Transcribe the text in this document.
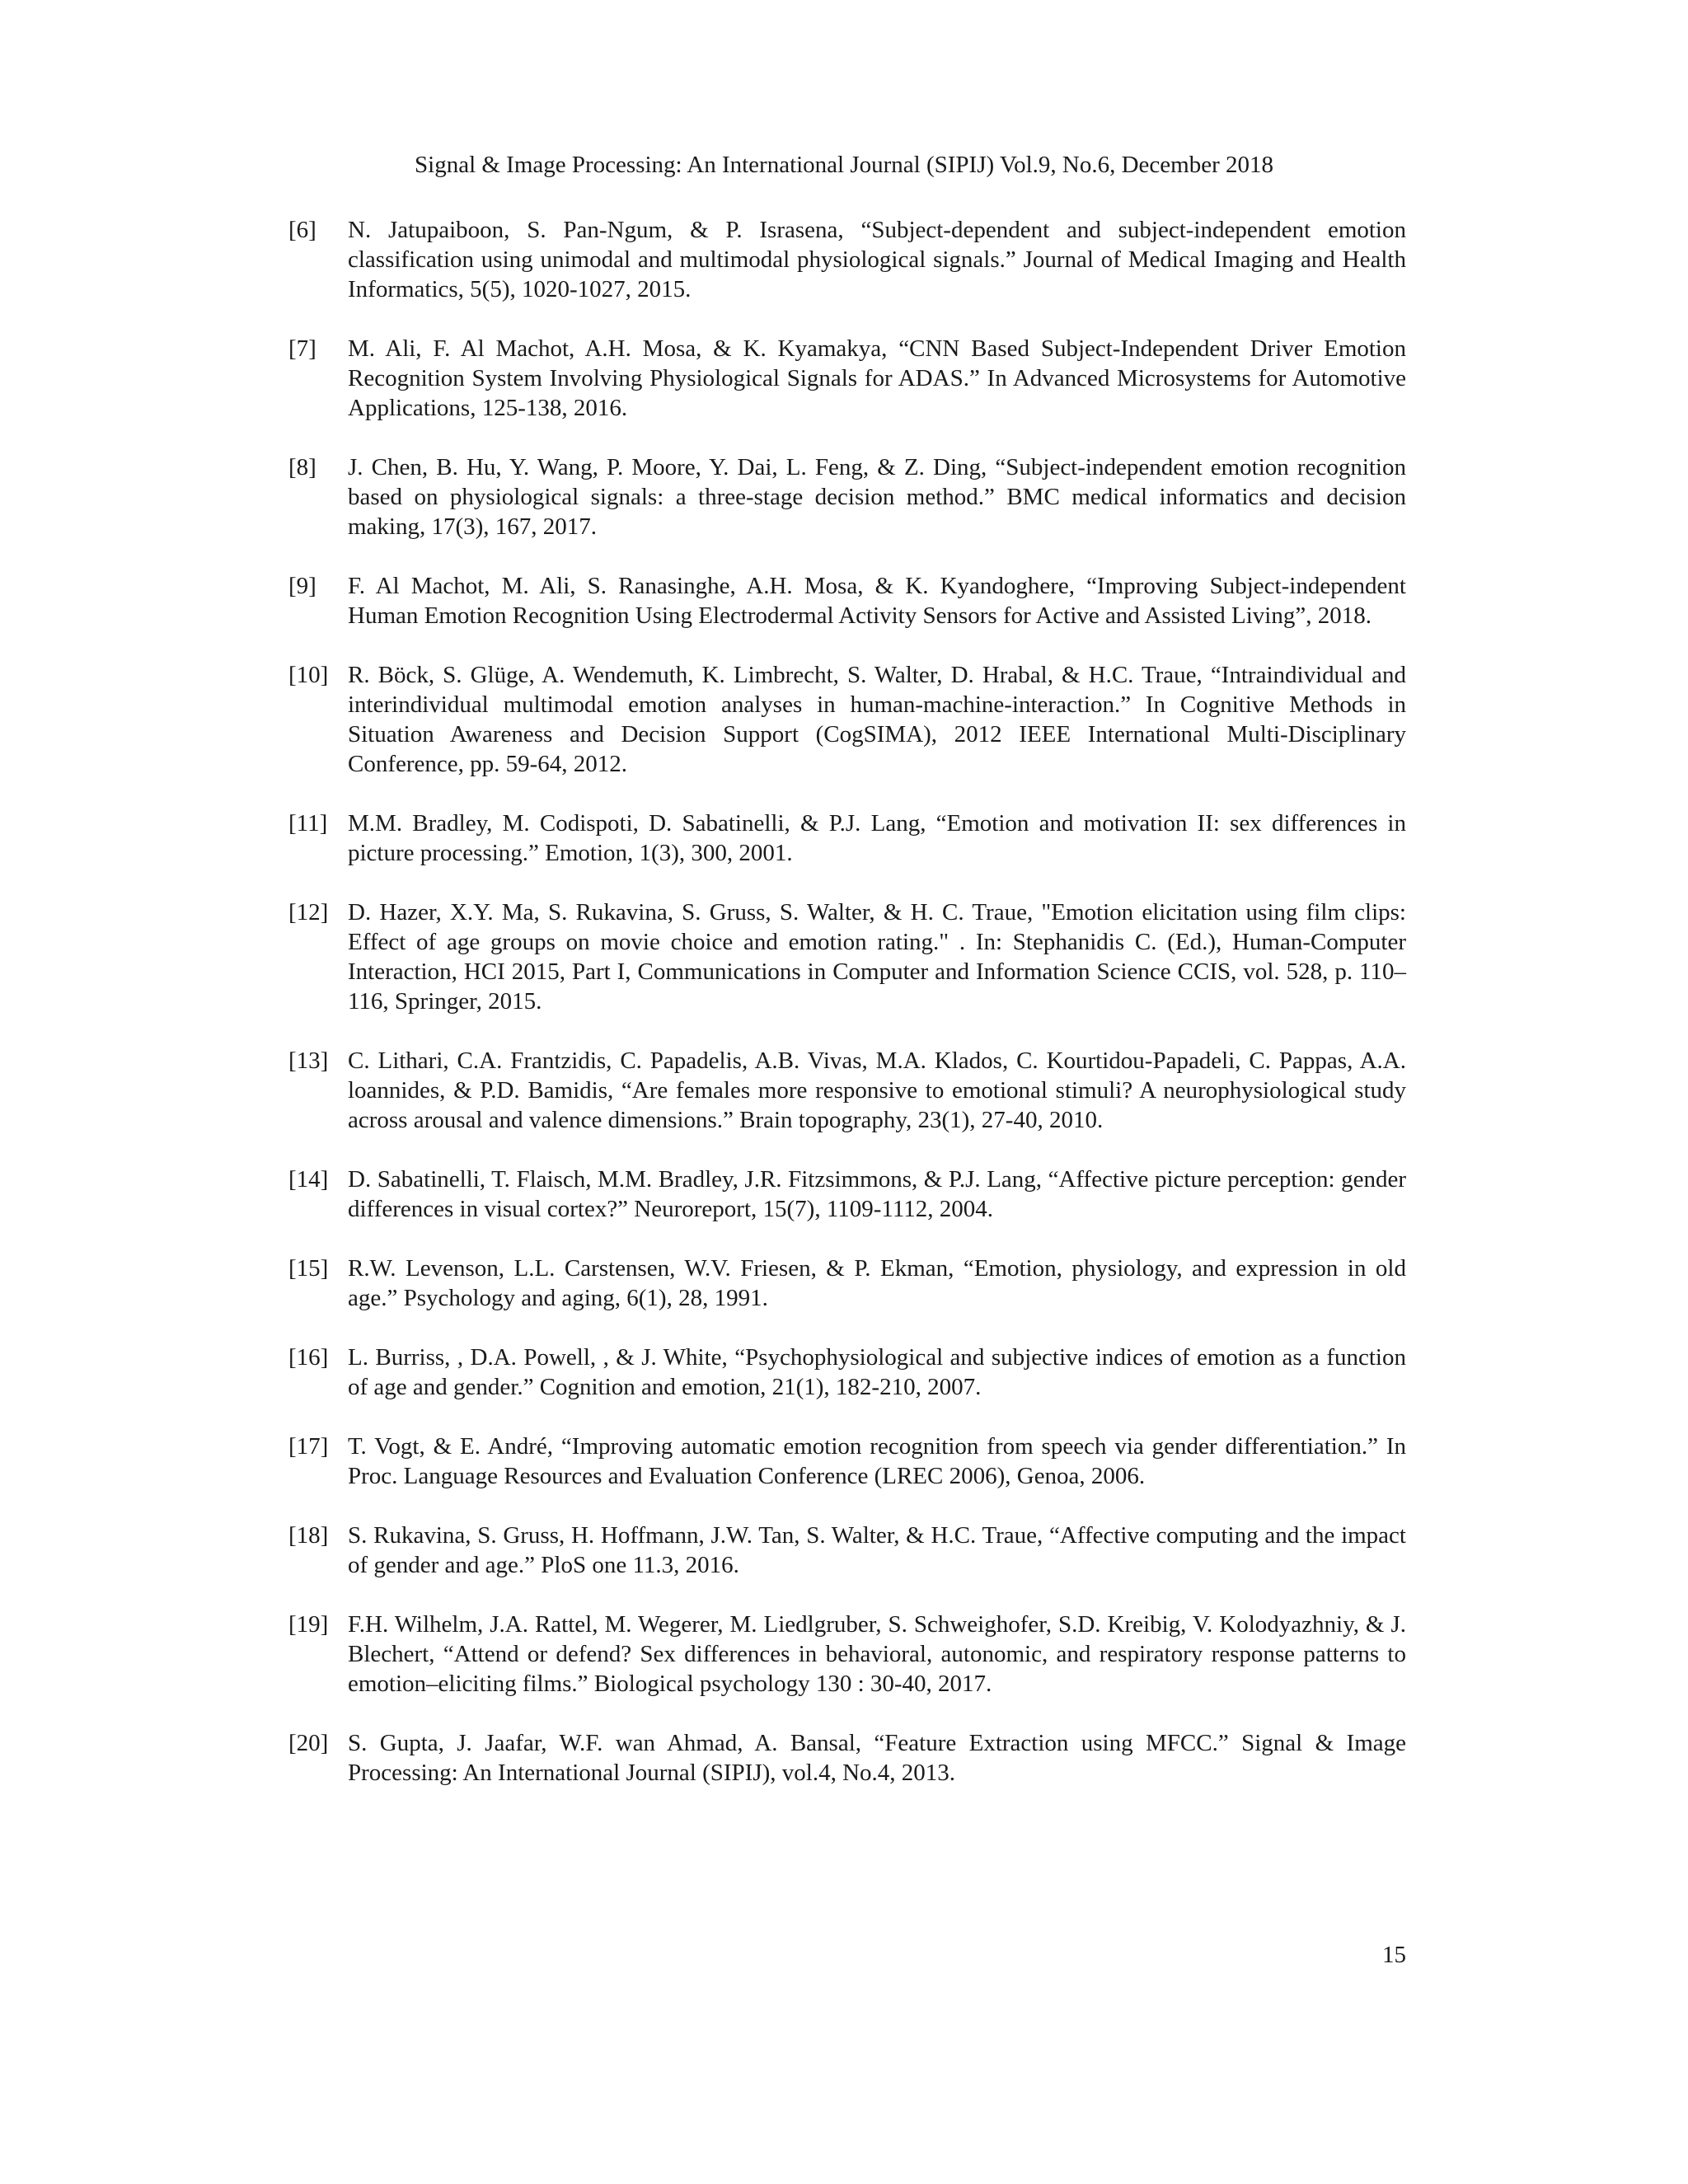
Signal & Image Processing: An International Journal (SIPIJ) Vol.9, No.6, December 2018
[6] N. Jatupaiboon, S. Pan-Ngum, & P. Israsena, “Subject-dependent and subject-independent emotion classification using unimodal and multimodal physiological signals.” Journal of Medical Imaging and Health Informatics, 5(5), 1020-1027, 2015.
[7] M. Ali, F. Al Machot, A.H. Mosa, & K. Kyamakya, “CNN Based Subject-Independent Driver Emotion Recognition System Involving Physiological Signals for ADAS.” In Advanced Microsystems for Automotive Applications, 125-138, 2016.
[8] J. Chen, B. Hu, Y. Wang, P. Moore, Y. Dai, L. Feng, & Z. Ding, “Subject-independent emotion recognition based on physiological signals: a three-stage decision method.” BMC medical informatics and decision making, 17(3), 167, 2017.
[9] F. Al Machot, M. Ali, S. Ranasinghe, A.H. Mosa, & K. Kyandoghere, “Improving Subject-independent Human Emotion Recognition Using Electrodermal Activity Sensors for Active and Assisted Living”, 2018.
[10] R. Böck, S. Glüge, A. Wendemuth, K. Limbrecht, S. Walter, D. Hrabal, & H.C. Traue, “Intraindividual and interindividual multimodal emotion analyses in human-machine-interaction.” In Cognitive Methods in Situation Awareness and Decision Support (CogSIMA), 2012 IEEE International Multi-Disciplinary Conference, pp. 59-64, 2012.
[11] M.M. Bradley, M. Codispoti, D. Sabatinelli, & P.J. Lang, “Emotion and motivation II: sex differences in picture processing.” Emotion, 1(3), 300, 2001.
[12] D. Hazer, X.Y. Ma, S. Rukavina, S. Gruss, S. Walter, & H. C. Traue, "Emotion elicitation using film clips: Effect of age groups on movie choice and emotion rating." . In: Stephanidis C. (Ed.), Human-Computer Interaction, HCI 2015, Part I, Communications in Computer and Information Science CCIS, vol. 528, p. 110–116, Springer, 2015.
[13] C. Lithari, C.A. Frantzidis, C. Papadelis, A.B. Vivas, M.A. Klados, C. Kourtidou-Papadeli, C. Pappas, A.A. loannides, & P.D. Bamidis, “Are females more responsive to emotional stimuli? A neurophysiological study across arousal and valence dimensions.” Brain topography, 23(1), 27-40, 2010.
[14] D. Sabatinelli, T. Flaisch, M.M. Bradley, J.R. Fitzsimmons, & P.J. Lang, “Affective picture perception: gender differences in visual cortex?” Neuroreport, 15(7), 1109-1112, 2004.
[15] R.W. Levenson, L.L. Carstensen, W.V. Friesen, & P. Ekman, “Emotion, physiology, and expression in old age.” Psychology and aging, 6(1), 28, 1991.
[16] L. Burriss, , D.A. Powell, , & J. White, “Psychophysiological and subjective indices of emotion as a function of age and gender.” Cognition and emotion, 21(1), 182-210, 2007.
[17] T. Vogt, & E. André, “Improving automatic emotion recognition from speech via gender differentiation.” In Proc. Language Resources and Evaluation Conference (LREC 2006), Genoa, 2006.
[18] S. Rukavina, S. Gruss, H. Hoffmann, J.W. Tan, S. Walter, & H.C. Traue, “Affective computing and the impact of gender and age.” PloS one 11.3, 2016.
[19] F.H. Wilhelm, J.A. Rattel, M. Wegerer, M. Liedlgruber, S. Schweighofer, S.D. Kreibig, V. Kolodyazhniy, & J. Blechert, “Attend or defend? Sex differences in behavioral, autonomic, and respiratory response patterns to emotion–eliciting films.” Biological psychology 130 : 30-40, 2017.
[20] S. Gupta, J. Jaafar, W.F. wan Ahmad, A. Bansal, “Feature Extraction using MFCC.” Signal & Image Processing: An International Journal (SIPIJ), vol.4, No.4, 2013.
15
